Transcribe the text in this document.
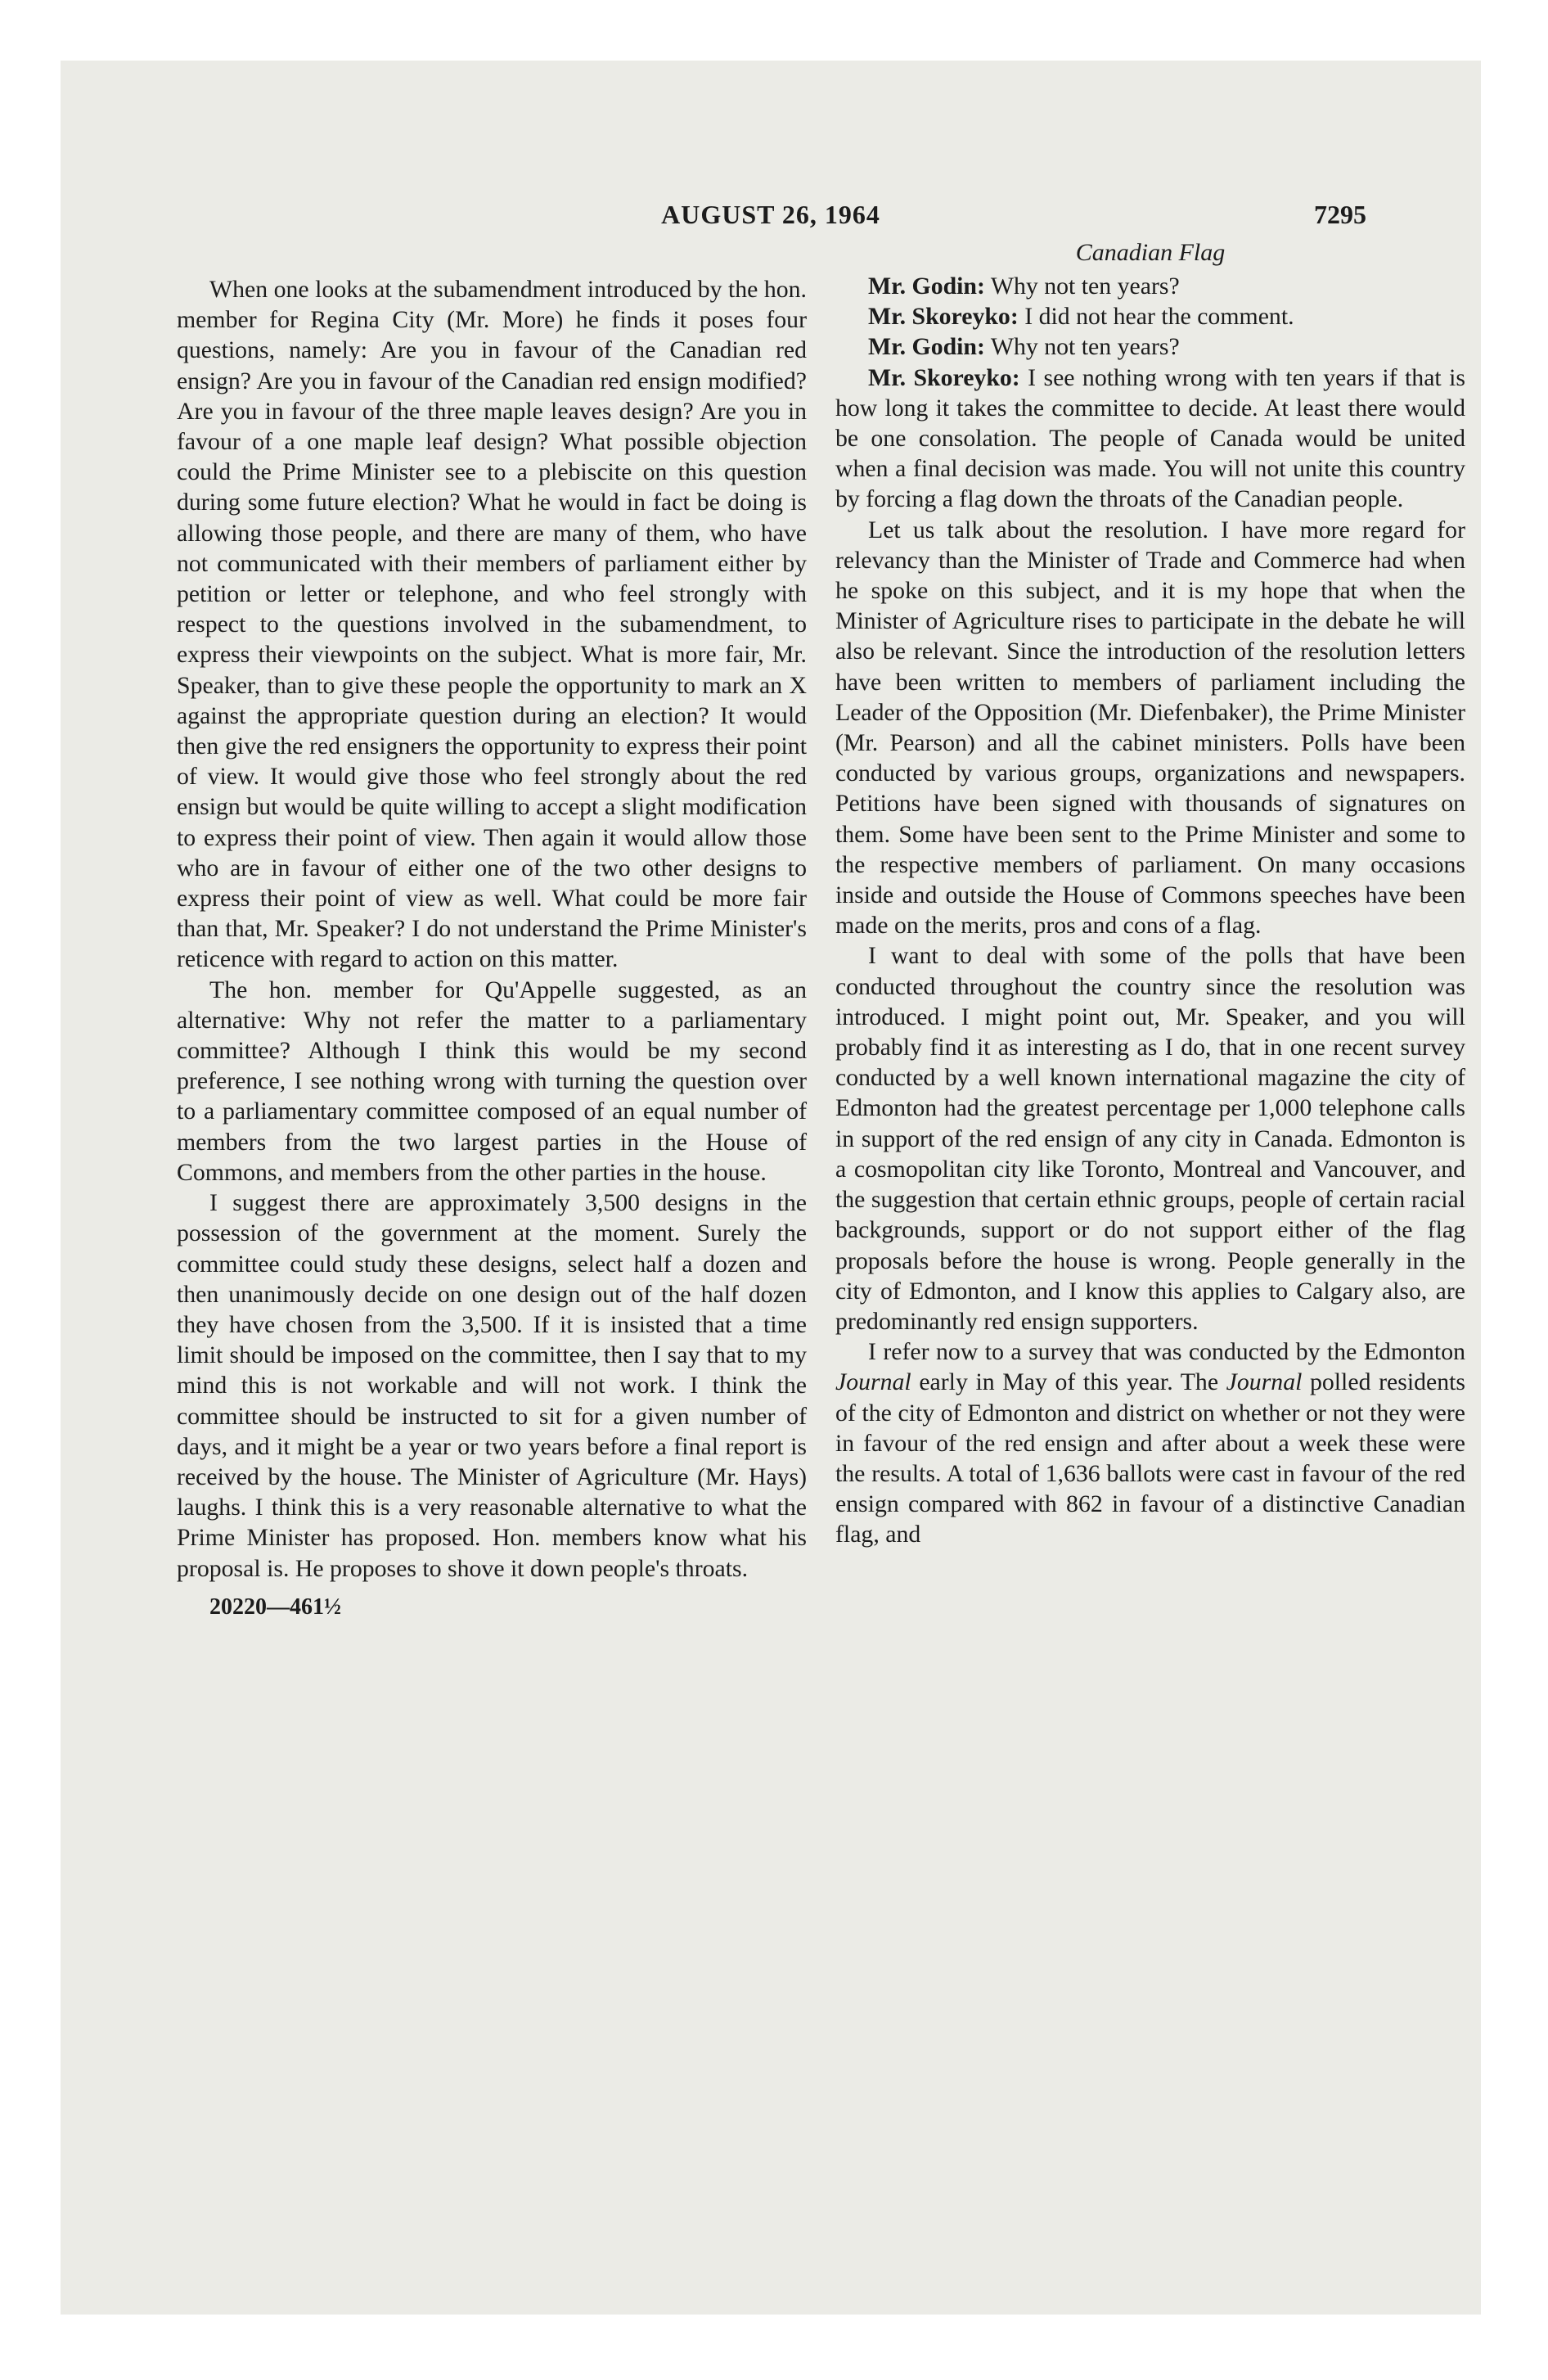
AUGUST 26, 1964	7295

When one looks at the subamendment introduced by the hon. member for Regina City (Mr. More) he finds it poses four questions, namely: Are you in favour of the Canadian red ensign? Are you in favour of the Canadian red ensign modified? Are you in favour of the three maple leaves design? Are you in favour of a one maple leaf design? What possible objection could the Prime Minister see to a plebiscite on this question during some future election? What he would in fact be doing is allowing those people, and there are many of them, who have not communicated with their members of parliament either by petition or letter or telephone, and who feel strongly with respect to the questions involved in the subamendment, to express their viewpoints on the subject. What is more fair, Mr. Speaker, than to give these people the opportunity to mark an X against the appropriate question during an election? It would then give the red ensigners the opportunity to express their point of view. It would give those who feel strongly about the red ensign but would be quite willing to accept a slight modification to express their point of view. Then again it would allow those who are in favour of either one of the two other designs to express their point of view as well. What could be more fair than that, Mr. Speaker? I do not understand the Prime Minister's reticence with regard to action on this matter.

The hon. member for Qu'Appelle suggested, as an alternative: Why not refer the matter to a parliamentary committee? Although I think this would be my second preference, I see nothing wrong with turning the question over to a parliamentary committee composed of an equal number of members from the two largest parties in the House of Commons, and members from the other parties in the house.

I suggest there are approximately 3,500 designs in the possession of the government at the moment. Surely the committee could study these designs, select half a dozen and then unanimously decide on one design out of the half dozen they have chosen from the 3,500. If it is insisted that a time limit should be imposed on the committee, then I say that to my mind this is not workable and will not work. I think the committee should be instructed to sit for a given number of days, and it might be a year or two years before a final report is received by the house. The Minister of Agriculture (Mr. Hays) laughs. I think this is a very reasonable alternative to what the Prime Minister has proposed. Hon. members know what his proposal is. He proposes to shove it down people's throats.

20220—461½
Canadian Flag

Mr. Godin: Why not ten years?

Mr. Skoreyko: I did not hear the comment.

Mr. Godin: Why not ten years?

Mr. Skoreyko: I see nothing wrong with ten years if that is how long it takes the committee to decide. At least there would be one consolation. The people of Canada would be united when a final decision was made. You will not unite this country by forcing a flag down the throats of the Canadian people.

Let us talk about the resolution. I have more regard for relevancy than the Minister of Trade and Commerce had when he spoke on this subject, and it is my hope that when the Minister of Agriculture rises to participate in the debate he will also be relevant. Since the introduction of the resolution letters have been written to members of parliament including the Leader of the Opposition (Mr. Diefenbaker), the Prime Minister (Mr. Pearson) and all the cabinet ministers. Polls have been conducted by various groups, organizations and newspapers. Petitions have been signed with thousands of signatures on them. Some have been sent to the Prime Minister and some to the respective members of parliament. On many occasions inside and outside the House of Commons speeches have been made on the merits, pros and cons of a flag.

I want to deal with some of the polls that have been conducted throughout the country since the resolution was introduced. I might point out, Mr. Speaker, and you will probably find it as interesting as I do, that in one recent survey conducted by a well known international magazine the city of Edmonton had the greatest percentage per 1,000 telephone calls in support of the red ensign of any city in Canada. Edmonton is a cosmopolitan city like Toronto, Montreal and Vancouver, and the suggestion that certain ethnic groups, people of certain racial backgrounds, support or do not support either of the flag proposals before the house is wrong. People generally in the city of Edmonton, and I know this applies to Calgary also, are predominantly red ensign supporters.

I refer now to a survey that was conducted by the Edmonton Journal early in May of this year. The Journal polled residents of the city of Edmonton and district on whether or not they were in favour of the red ensign and after about a week these were the results. A total of 1,636 ballots were cast in favour of the red ensign compared with 862 in favour of a distinctive Canadian flag, and
